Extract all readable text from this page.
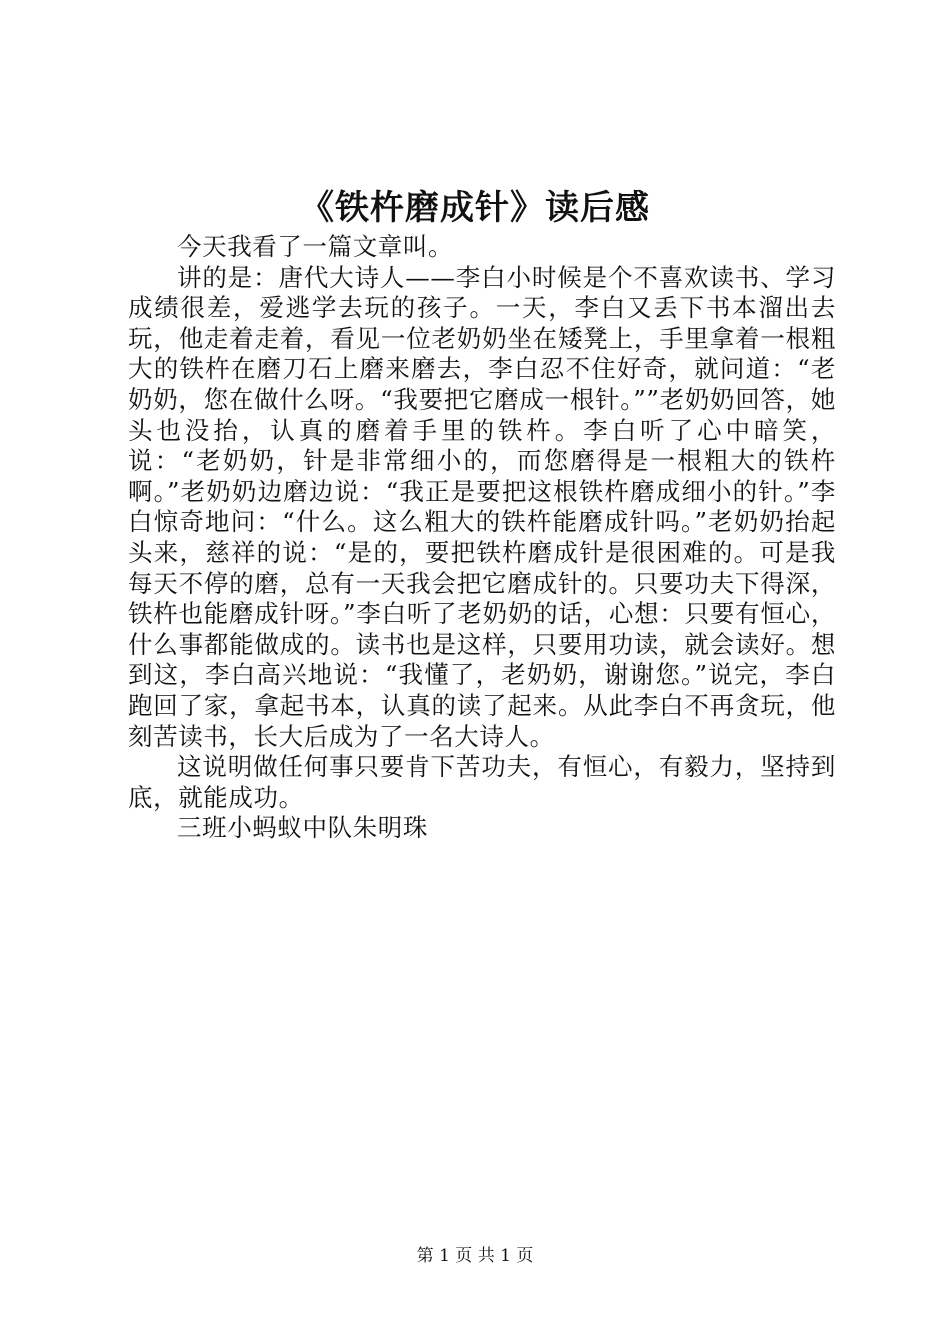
《铁杵磨成针》读后感

今天我看了一篇文章叫。

讲的是：唐代大诗人——李白小时候是个不喜欢读书、学习成绩很差，爱逃学去玩的孩子。一天，李白又丢下书本溜出去玩，他走着走着，看见一位老奶奶坐在矮凳上，手里拿着一根粗大的铁杵在磨刀石上磨来磨去，李白忍不住好奇，就问道：“老奶奶，您在做什么呀。“我要把它磨成一根针。””老奶奶回答，她头也没抬，认真的磨着手里的铁杵。李白听了心中暗笑，说：“老奶奶，针是非常细小的，而您磨得是一根粗大的铁杵啊。”老奶奶边磨边说：“我正是要把这根铁杵磨成细小的针。”李白惊奇地问：“什么。这么粗大的铁杵能磨成针吗。”老奶奶抬起头来，慈祥的说：“是的，要把铁杵磨成针是很困难的。可是我每天不停的磨，总有一天我会把它磨成针的。只要功夫下得深，铁杵也能磨成针呀。”李白听了老奶奶的话，心想：只要有恒心，什么事都能做成的。读书也是这样，只要用功读，就会读好。想到这，李白高兴地说：“我懂了，老奶奶，谢谢您。”说完，李白跑回了家，拿起书本，认真的读了起来。从此李白不再贪玩，他刻苦读书，长大后成为了一名大诗人。

这说明做任何事只要肯下苦功夫，有恒心，有毅力，坚持到底，就能成功。

三班小蚂蚁中队朱明珠

第 1 页 共 1 页
